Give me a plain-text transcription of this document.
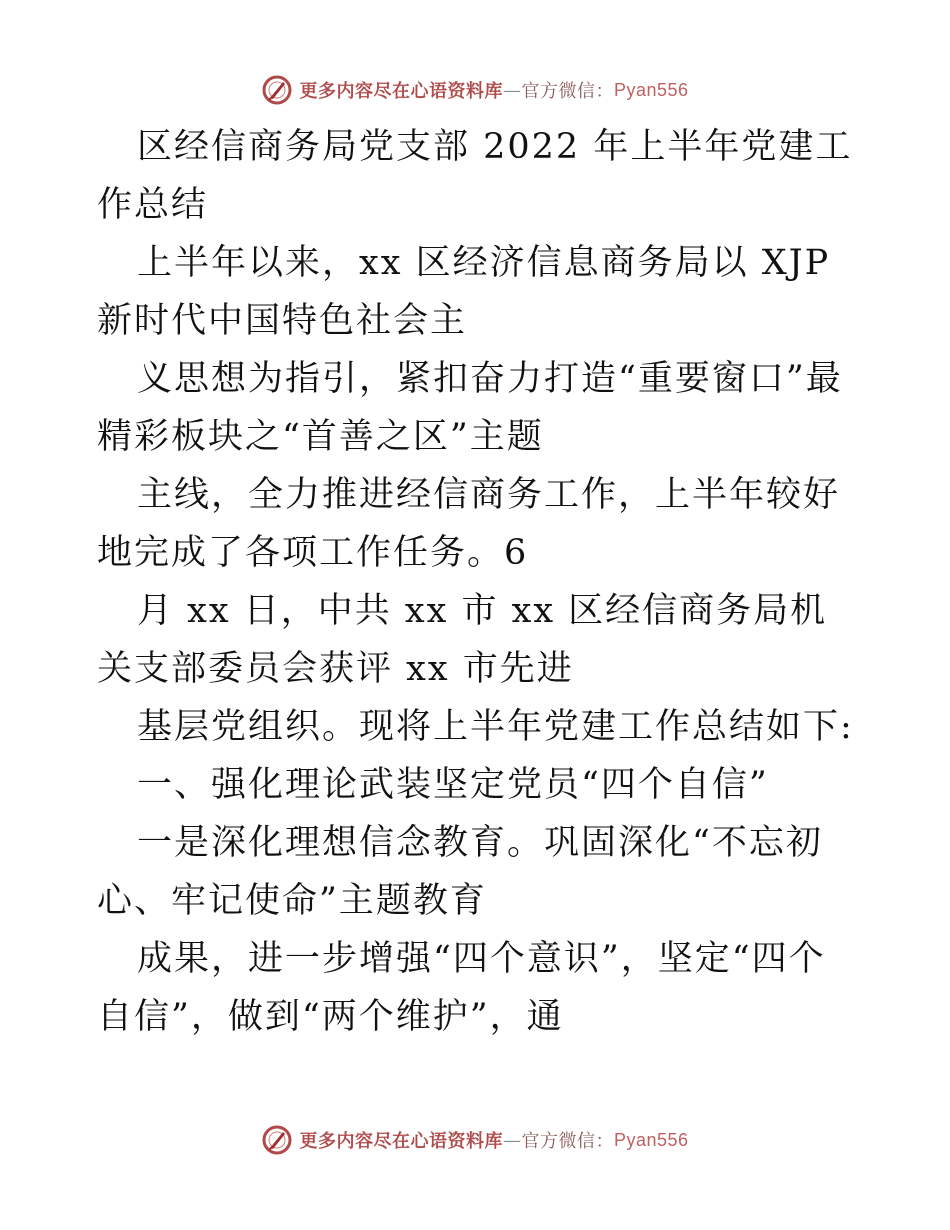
更多内容尽在心语资料库 — 官方微信： Pyan556

区经信商务局党支部 2022 年上半年党建工作总结

上半年以来，xx 区经济信息商务局以 XJP 新时代中国特色社会主

义思想为指引，紧扣奋力打造“重要窗口”最精彩板块之“首善之区”主题

主线，全力推进经信商务工作，上半年较好地完成了各项工作任务。6

月 xx 日，中共 xx 市 xx 区经信商务局机关支部委员会获评 xx 市先进

基层党组织。现将上半年党建工作总结如下:

一、强化理论武装坚定党员“四个自信”

一是深化理想信念教育。巩固深化“不忘初心、牢记使命”主题教育

成果，进一步增强“四个意识”，坚定“四个自信”，做到“两个维护”，通

更多内容尽在心语资料库 — 官方微信： Pyan556
